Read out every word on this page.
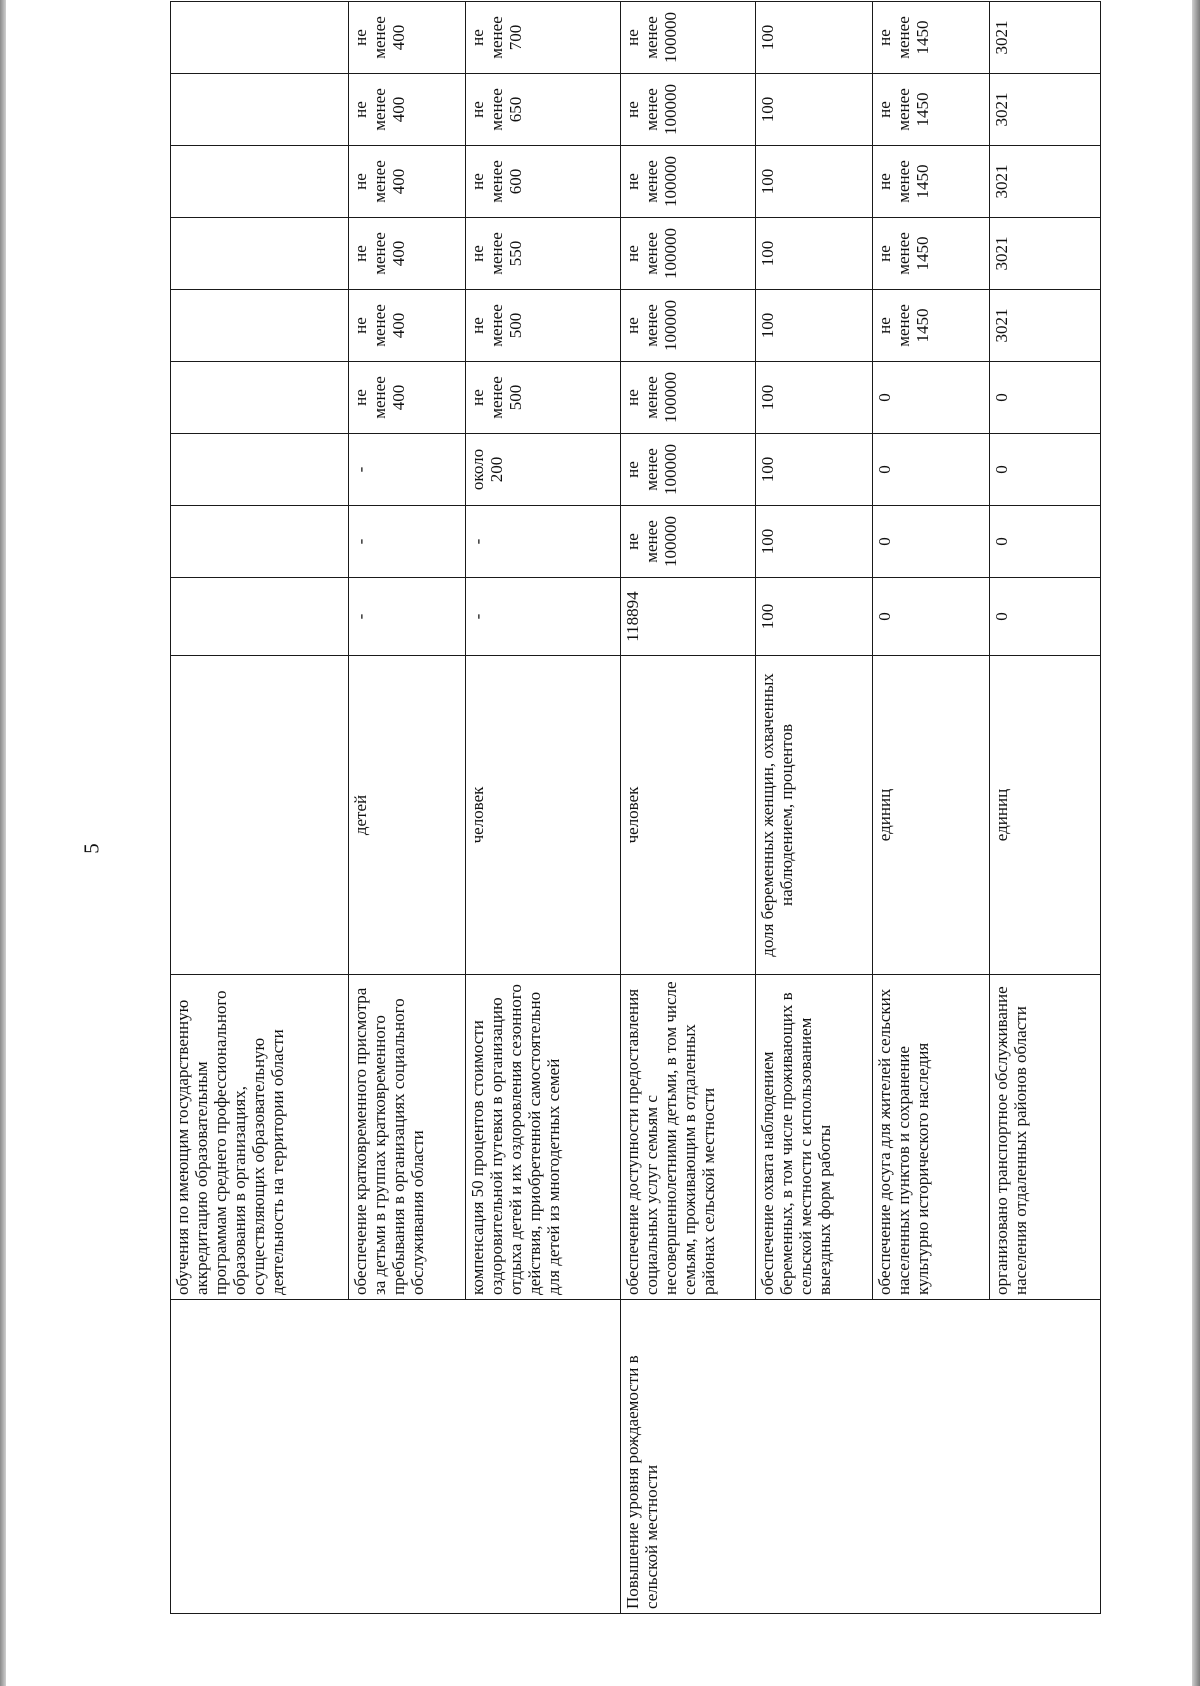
5
	обучения по имеющим государственную аккредитацию образовательным программам среднего профессионального образования в организациях, осуществляющих образовательную деятельность на территории области										
	обеспечение кратковременного присмотра за детьми в группах кратковременного пребывания в организациях социального обслуживания области	детей	-	-	-	не менее 400	не менее 400	не менее 400	не менее 400	не менее 400	не менее 400
	компенсация 50 процентов стоимости оздоровительной путевки в организацию отдыха детей и их оздоровления сезонного действия, приобретенной самостоятельно для детей из многодетных семей	человек	-	-	около 200	не менее 500	не менее 500	не менее 550	не менее 600	не менее 650	не менее 700
Повышение уровня рождаемости в сельской местности	обеспечение доступности предоставления социальных услуг семьям с несовершеннолетними детьми, в том числе семьям, проживающим в отдаленных районах сельской местности	человек	118894	не менее 100000	не менее 100000	не менее 100000	не менее 100000	не менее 100000	не менее 100000	не менее 100000	не менее 100000
	обеспечение охвата наблюдением беременных, в том числе проживающих в сельской местности с использованием выездных форм работы	доля беременных женщин, охваченных наблюдением, процентов	100	100	100	100	100	100	100	100	100
	обеспечение досуга для жителей сельских населенных пунктов и сохранение культурно исторического наследия	единиц	0	0	0	0	не менее 1450	не менее 1450	не менее 1450	не менее 1450	не менее 1450
	организовано транспортное обслуживание населения отдаленных районов области	единиц	0	0	0	0	3021	3021	3021	3021	3021
